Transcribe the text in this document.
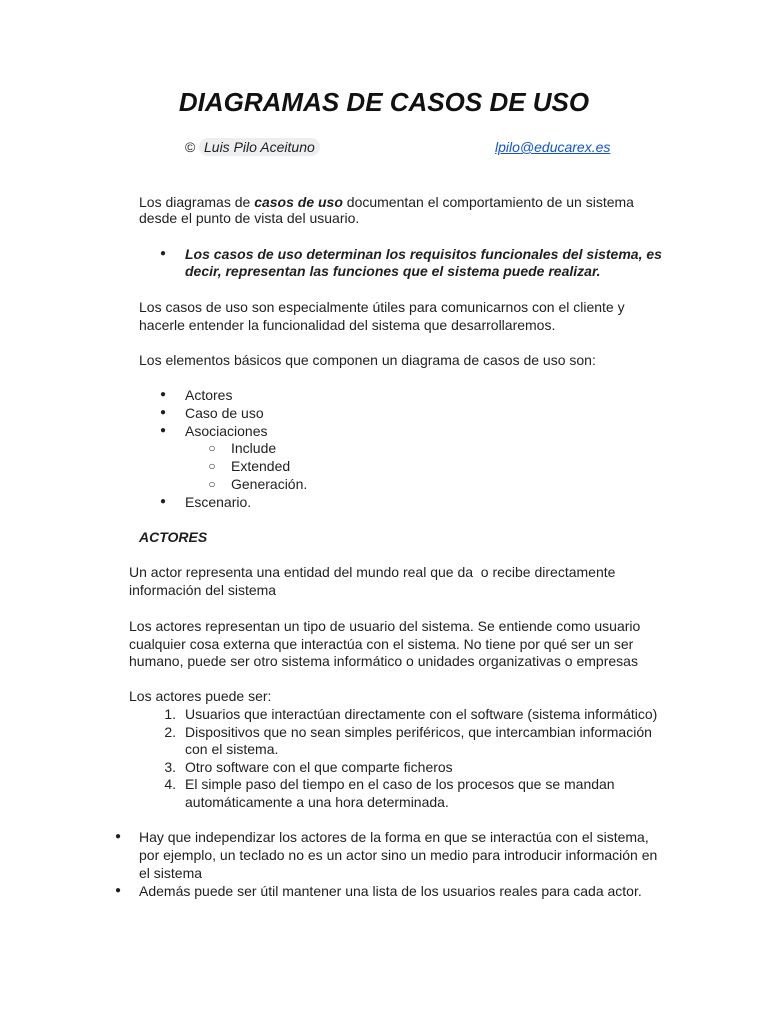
DIAGRAMAS DE CASOS DE USO
© Luis Pilo Aceituno	lpilo@educarex.es
Los diagramas de casos de uso documentan el comportamiento de un sistema
desde el punto de vista del usuario.
● Los casos de uso determinan los requisitos funcionales del sistema, es
decir, representan las funciones que el sistema puede realizar.
Los casos de uso son especialmente útiles para comunicarnos con el cliente y
hacerle entender la funcionalidad del sistema que desarrollaremos.
Los elementos básicos que componen un diagrama de casos de uso son:
● Actores
● Caso de uso
● Asociaciones
○ Include
○ Extended
○ Generación.
● Escenario.
ACTORES
Un actor representa una entidad del mundo real que da  o recibe directamente
información del sistema
Los actores representan un tipo de usuario del sistema. Se entiende como usuario
cualquier cosa externa que interactúa con el sistema. No tiene por qué ser un ser
humano, puede ser otro sistema informático o unidades organizativas o empresas
Los actores puede ser:
1. Usuarios que interactúan directamente con el software (sistema informático)
2. Dispositivos que no sean simples periféricos, que intercambian información
con el sistema.
3. Otro software con el que comparte ficheros
4. El simple paso del tiempo en el caso de los procesos que se mandan
automáticamente a una hora determinada.
● Hay que independizar los actores de la forma en que se interactúa con el sistema,
por ejemplo, un teclado no es un actor sino un medio para introducir información en
el sistema
● Además puede ser útil mantener una lista de los usuarios reales para cada actor.
